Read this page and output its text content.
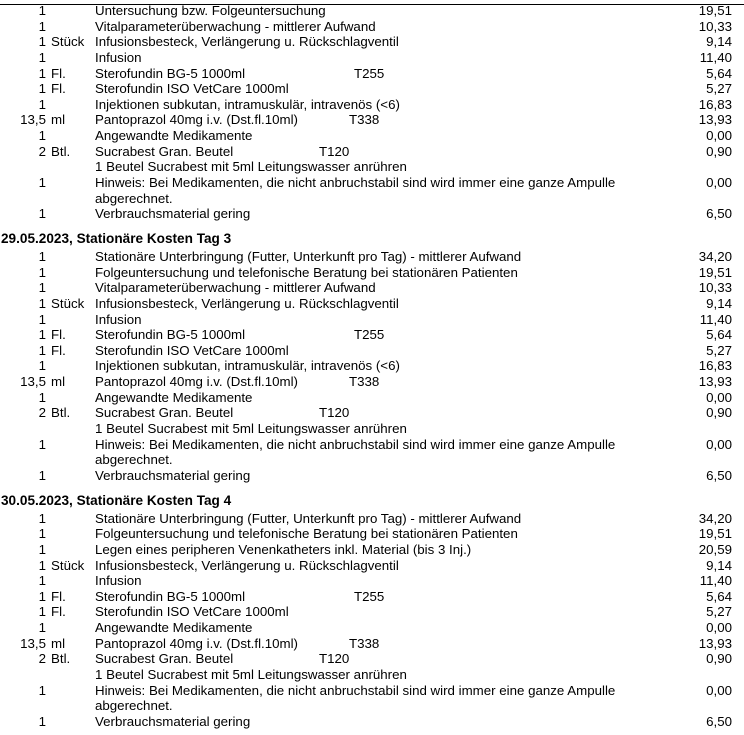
1	Untersuchung bzw. Folgeuntersuchung	19,51
1	Vitalparameterüberwachung - mittlerer Aufwand	10,33
1 Stück Infusionsbesteck, Verlängerung u. Rückschlagventil	9,14
1	Infusion	11,40
1 Fl. Sterofundin BG-5 1000ml	T255	5,64
1 Fl. Sterofundin ISO VetCare 1000ml	5,27
1	Injektionen subkutan, intramuskulär, intravenös (<6)	16,83
13,5 ml Pantoprazol 40mg i.v. (Dst.fl.10ml)	T338	13,93
1	Angewandte Medikamente	0,00
2 Btl. Sucrabest Gran. Beutel	T120	0,90
1 Beutel Sucrabest mit 5ml Leitungswasser anrühren
1	Hinweis: Bei Medikamenten, die nicht anbruchstabil sind wird immer eine ganze Ampulle	0,00
abgerechnet.
1	Verbrauchsmaterial gering	6,50
29.05.2023, Stationäre Kosten Tag 3
1	Stationäre Unterbringung (Futter, Unterkunft pro Tag) - mittlerer Aufwand	34,20
1	Folgeuntersuchung und telefonische Beratung bei stationären Patienten	19,51
1	Vitalparameterüberwachung - mittlerer Aufwand	10,33
1 Stück Infusionsbesteck, Verlängerung u. Rückschlagventil	9,14
1	Infusion	11,40
1 Fl. Sterofundin BG-5 1000ml	T255	5,64
1 Fl. Sterofundin ISO VetCare 1000ml	5,27
1	Injektionen subkutan, intramuskulär, intravenös (<6)	16,83
13,5 ml Pantoprazol 40mg i.v. (Dst.fl.10ml)	T338	13,93
1	Angewandte Medikamente	0,00
2 Btl. Sucrabest Gran. Beutel	T120	0,90
1 Beutel Sucrabest mit 5ml Leitungswasser anrühren
1	Hinweis: Bei Medikamenten, die nicht anbruchstabil sind wird immer eine ganze Ampulle	0,00
abgerechnet.
1	Verbrauchsmaterial gering	6,50
30.05.2023, Stationäre Kosten Tag 4
1	Stationäre Unterbringung (Futter, Unterkunft pro Tag) - mittlerer Aufwand	34,20
1	Folgeuntersuchung und telefonische Beratung bei stationären Patienten	19,51
1	Legen eines peripheren Venenkatheters inkl. Material (bis 3 Inj.)	20,59
1 Stück Infusionsbesteck, Verlängerung u. Rückschlagventil	9,14
1	Infusion	11,40
1 Fl. Sterofundin BG-5 1000ml	T255	5,64
1 Fl. Sterofundin ISO VetCare 1000ml	5,27
1	Angewandte Medikamente	0,00
13,5 ml Pantoprazol 40mg i.v. (Dst.fl.10ml)	T338	13,93
2 Btl. Sucrabest Gran. Beutel	T120	0,90
1 Beutel Sucrabest mit 5ml Leitungswasser anrühren
1	Hinweis: Bei Medikamenten, die nicht anbruchstabil sind wird immer eine ganze Ampulle	0,00
abgerechnet.
1	Verbrauchsmaterial gering	6,50
